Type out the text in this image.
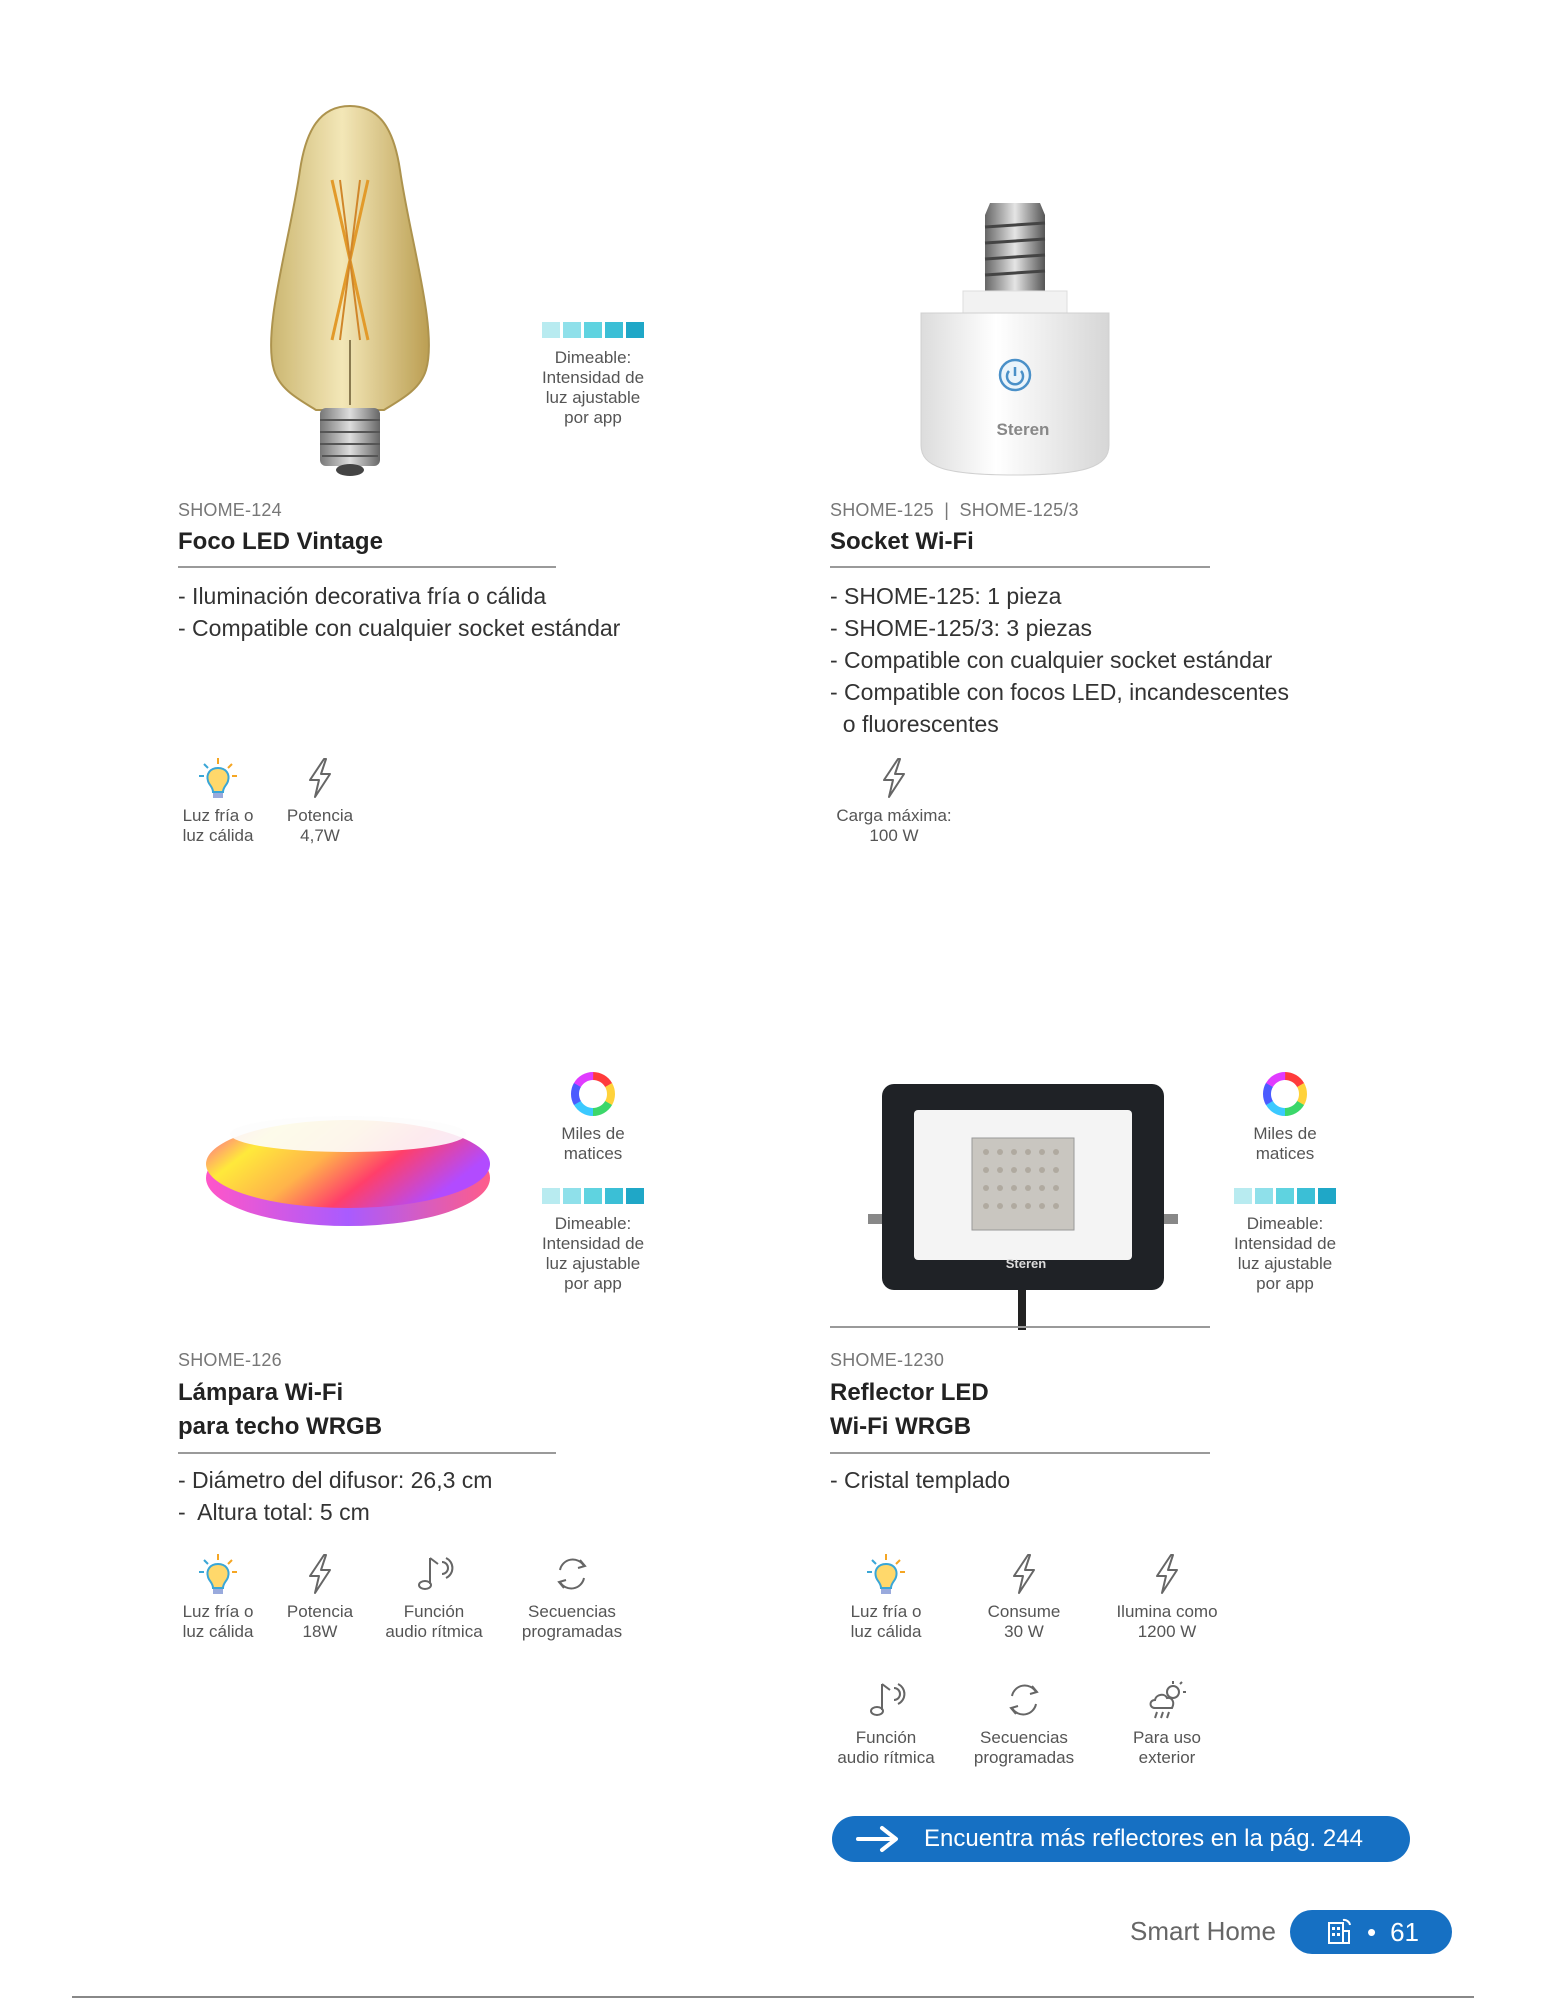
Dimeable:
Intensidad de
luz ajustable
por app
SHOME-124
Foco LED Vintage
- Iluminación decorativa fría o cálida
- Compatible con cualquier socket estándar
Luz fría o
luz cálida
Potencia
4,7W
Steren
SHOME-125  |  SHOME-125/3
Socket Wi-Fi
- SHOME-125: 1 pieza
- SHOME-125/3: 3 piezas
- Compatible con cualquier socket estándar
- Compatible con focos LED, incandescentes
o fluorescentes
Carga máxima:
100 W
Miles de
matices
Dimeable:
Intensidad de
luz ajustable
por app
SHOME-126
Lámpara Wi-Fi
para techo WRGB
- Diámetro del difusor: 26,3 cm
-  Altura total: 5 cm
Luz fría o
luz cálida
Potencia
18W
Función
audio rítmica
Secuencias
programadas
Steren
Miles de
matices
Dimeable:
Intensidad de
luz ajustable
por app
SHOME-1230
Reflector LED
Wi-Fi WRGB
- Cristal templado
Luz fría o
luz cálida
Consume
30 W
Ilumina como
1200 W
Función
audio rítmica
Secuencias
programadas
Para uso
exterior
Encuentra más reflectores en la pág. 244
Smart Home	• 61
